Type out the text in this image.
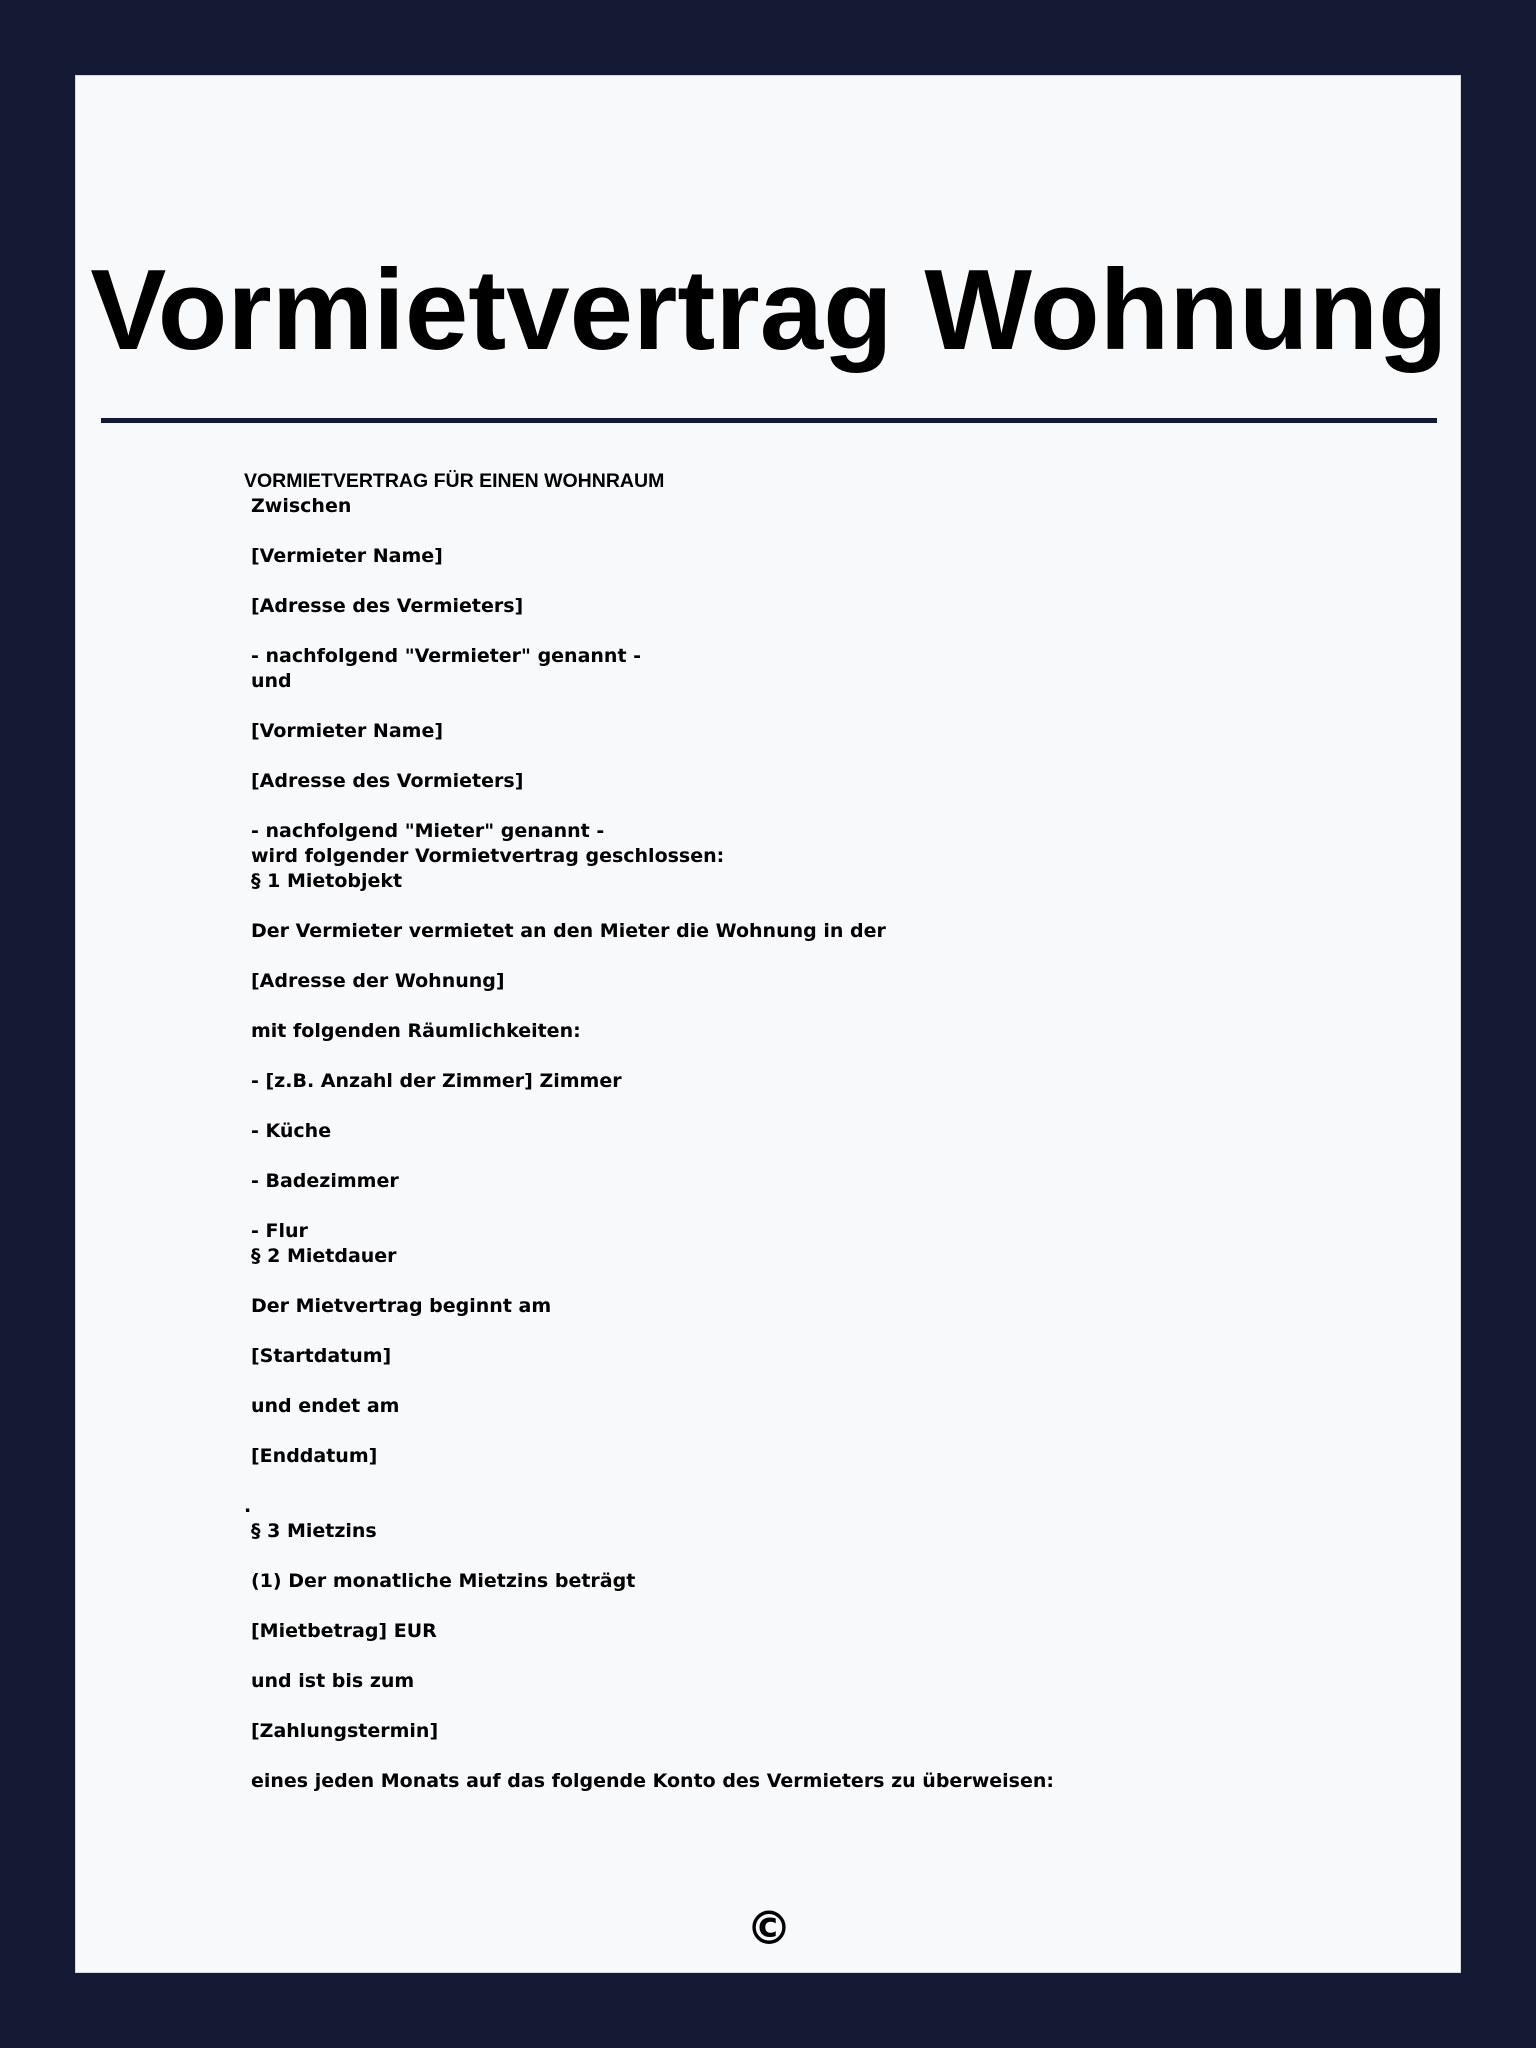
Vormietvertrag Wohnung
VORMIETVERTRAG FÜR EINEN WOHNRAUM
Zwischen
[Vermieter Name]
[Adresse des Vermieters]
- nachfolgend "Vermieter" genannt -
und
[Vormieter Name]
[Adresse des Vormieters]
- nachfolgend "Mieter" genannt -
wird folgender Vormietvertrag geschlossen:
§ 1 Mietobjekt
Der Vermieter vermietet an den Mieter die Wohnung in der
[Adresse der Wohnung]
mit folgenden Räumlichkeiten:
- [z.B. Anzahl der Zimmer] Zimmer
- Küche
- Badezimmer
- Flur
§ 2 Mietdauer
Der Mietvertrag beginnt am
[Startdatum]
und endet am
[Enddatum]
.
§ 3 Mietzins
(1) Der monatliche Mietzins beträgt
[Mietbetrag] EUR
und ist bis zum
[Zahlungstermin]
eines jeden Monats auf das folgende Konto des Vermieters zu überweisen:
©
